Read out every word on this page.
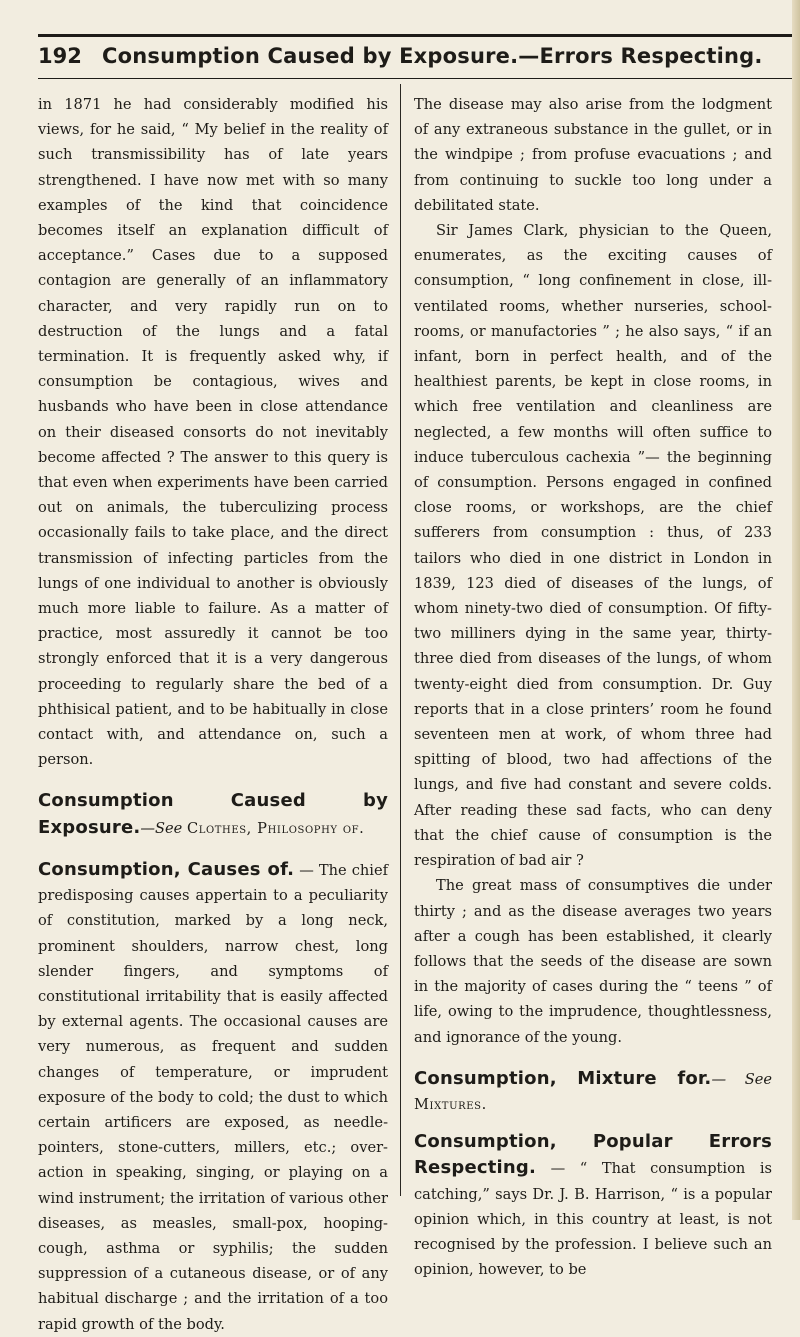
192 Consumption Caused by Exposure.—Errors Respecting.

in 1871 he had considerably modified his views, for he said, “ My belief in the reality of such transmissibility has of late years strengthened. I have now met with so many examples of the kind that coincidence becomes itself an explanation difficult of acceptance.” Cases due to a supposed contagion are generally of an inflammatory character, and very rapidly run on to destruction of the lungs and a fatal termination. It is frequently asked why, if consumption be contagious, wives and husbands who have been in close attendance on their diseased consorts do not inevitably become affected ? The answer to this query is that even when experiments have been carried out on animals, the tuberculizing process occasionally fails to take place, and the direct transmission of infecting particles from the lungs of one individual to another is obviously much more liable to failure. As a matter of practice, most assuredly it cannot be too strongly enforced that it is a very dangerous proceeding to regularly share the bed of a phthisical patient, and to be habitually in close contact with, and attendance on, such a person.

Consumption Caused by Exposure.—See Clothes, Philosophy of.

Consumption, Causes of. — The chief predisposing causes appertain to a peculiarity of constitution, marked by a long neck, prominent shoulders, narrow chest, long slender fingers, and symptoms of constitutional irritability that is easily affected by external agents. The occasional causes are very numerous, as frequent and sudden changes of temperature, or imprudent exposure of the body to cold; the dust to which certain artificers are exposed, as needle-pointers, stone-cutters, millers, etc.; over-action in speaking, singing, or playing on a wind instrument; the irritation of various other diseases, as measles, small-pox, hooping-cough, asthma or syphilis; the sudden suppression of a cutaneous disease, or of any habitual discharge ; and the irritation of a too rapid growth of the body.

The disease may also arise from the lodgment of any extraneous substance in the gullet, or in the windpipe ; from profuse evacuations ; and from continuing to suckle too long under a debilitated state.

Sir James Clark, physician to the Queen, enumerates, as the exciting causes of consumption, “ long confinement in close, ill-ventilated rooms, whether nurseries, school-rooms, or manufactories ” ; he also says, “ if an infant, born in perfect health, and of the healthiest parents, be kept in close rooms, in which free ventilation and cleanliness are neglected, a few months will often suffice to induce tuberculous cachexia ”— the beginning of consumption. Persons engaged in confined close rooms, or workshops, are the chief sufferers from consumption : thus, of 233 tailors who died in one district in London in 1839, 123 died of diseases of the lungs, of whom ninety-two died of consumption. Of fifty-two milliners dying in the same year, thirty-three died from diseases of the lungs, of whom twenty-eight died from consumption. Dr. Guy reports that in a close printers’ room he found seventeen men at work, of whom three had spitting of blood, two had affections of the lungs, and five had constant and severe colds. After reading these sad facts, who can deny that the chief cause of consumption is the respiration of bad air ?

The great mass of consumptives die under thirty ; and as the disease averages two years after a cough has been established, it clearly follows that the seeds of the disease are sown in the majority of cases during the “ teens ” of life, owing to the imprudence, thoughtlessness, and ignorance of the young.

Consumption, Mixture for.— See Mixtures.

Consumption, Popular Errors Respecting. — “ That consumption is catching,” says Dr. J. B. Harrison, “ is a popular opinion which, in this country at least, is not recognised by the profession. I believe such an opinion, however, to be
